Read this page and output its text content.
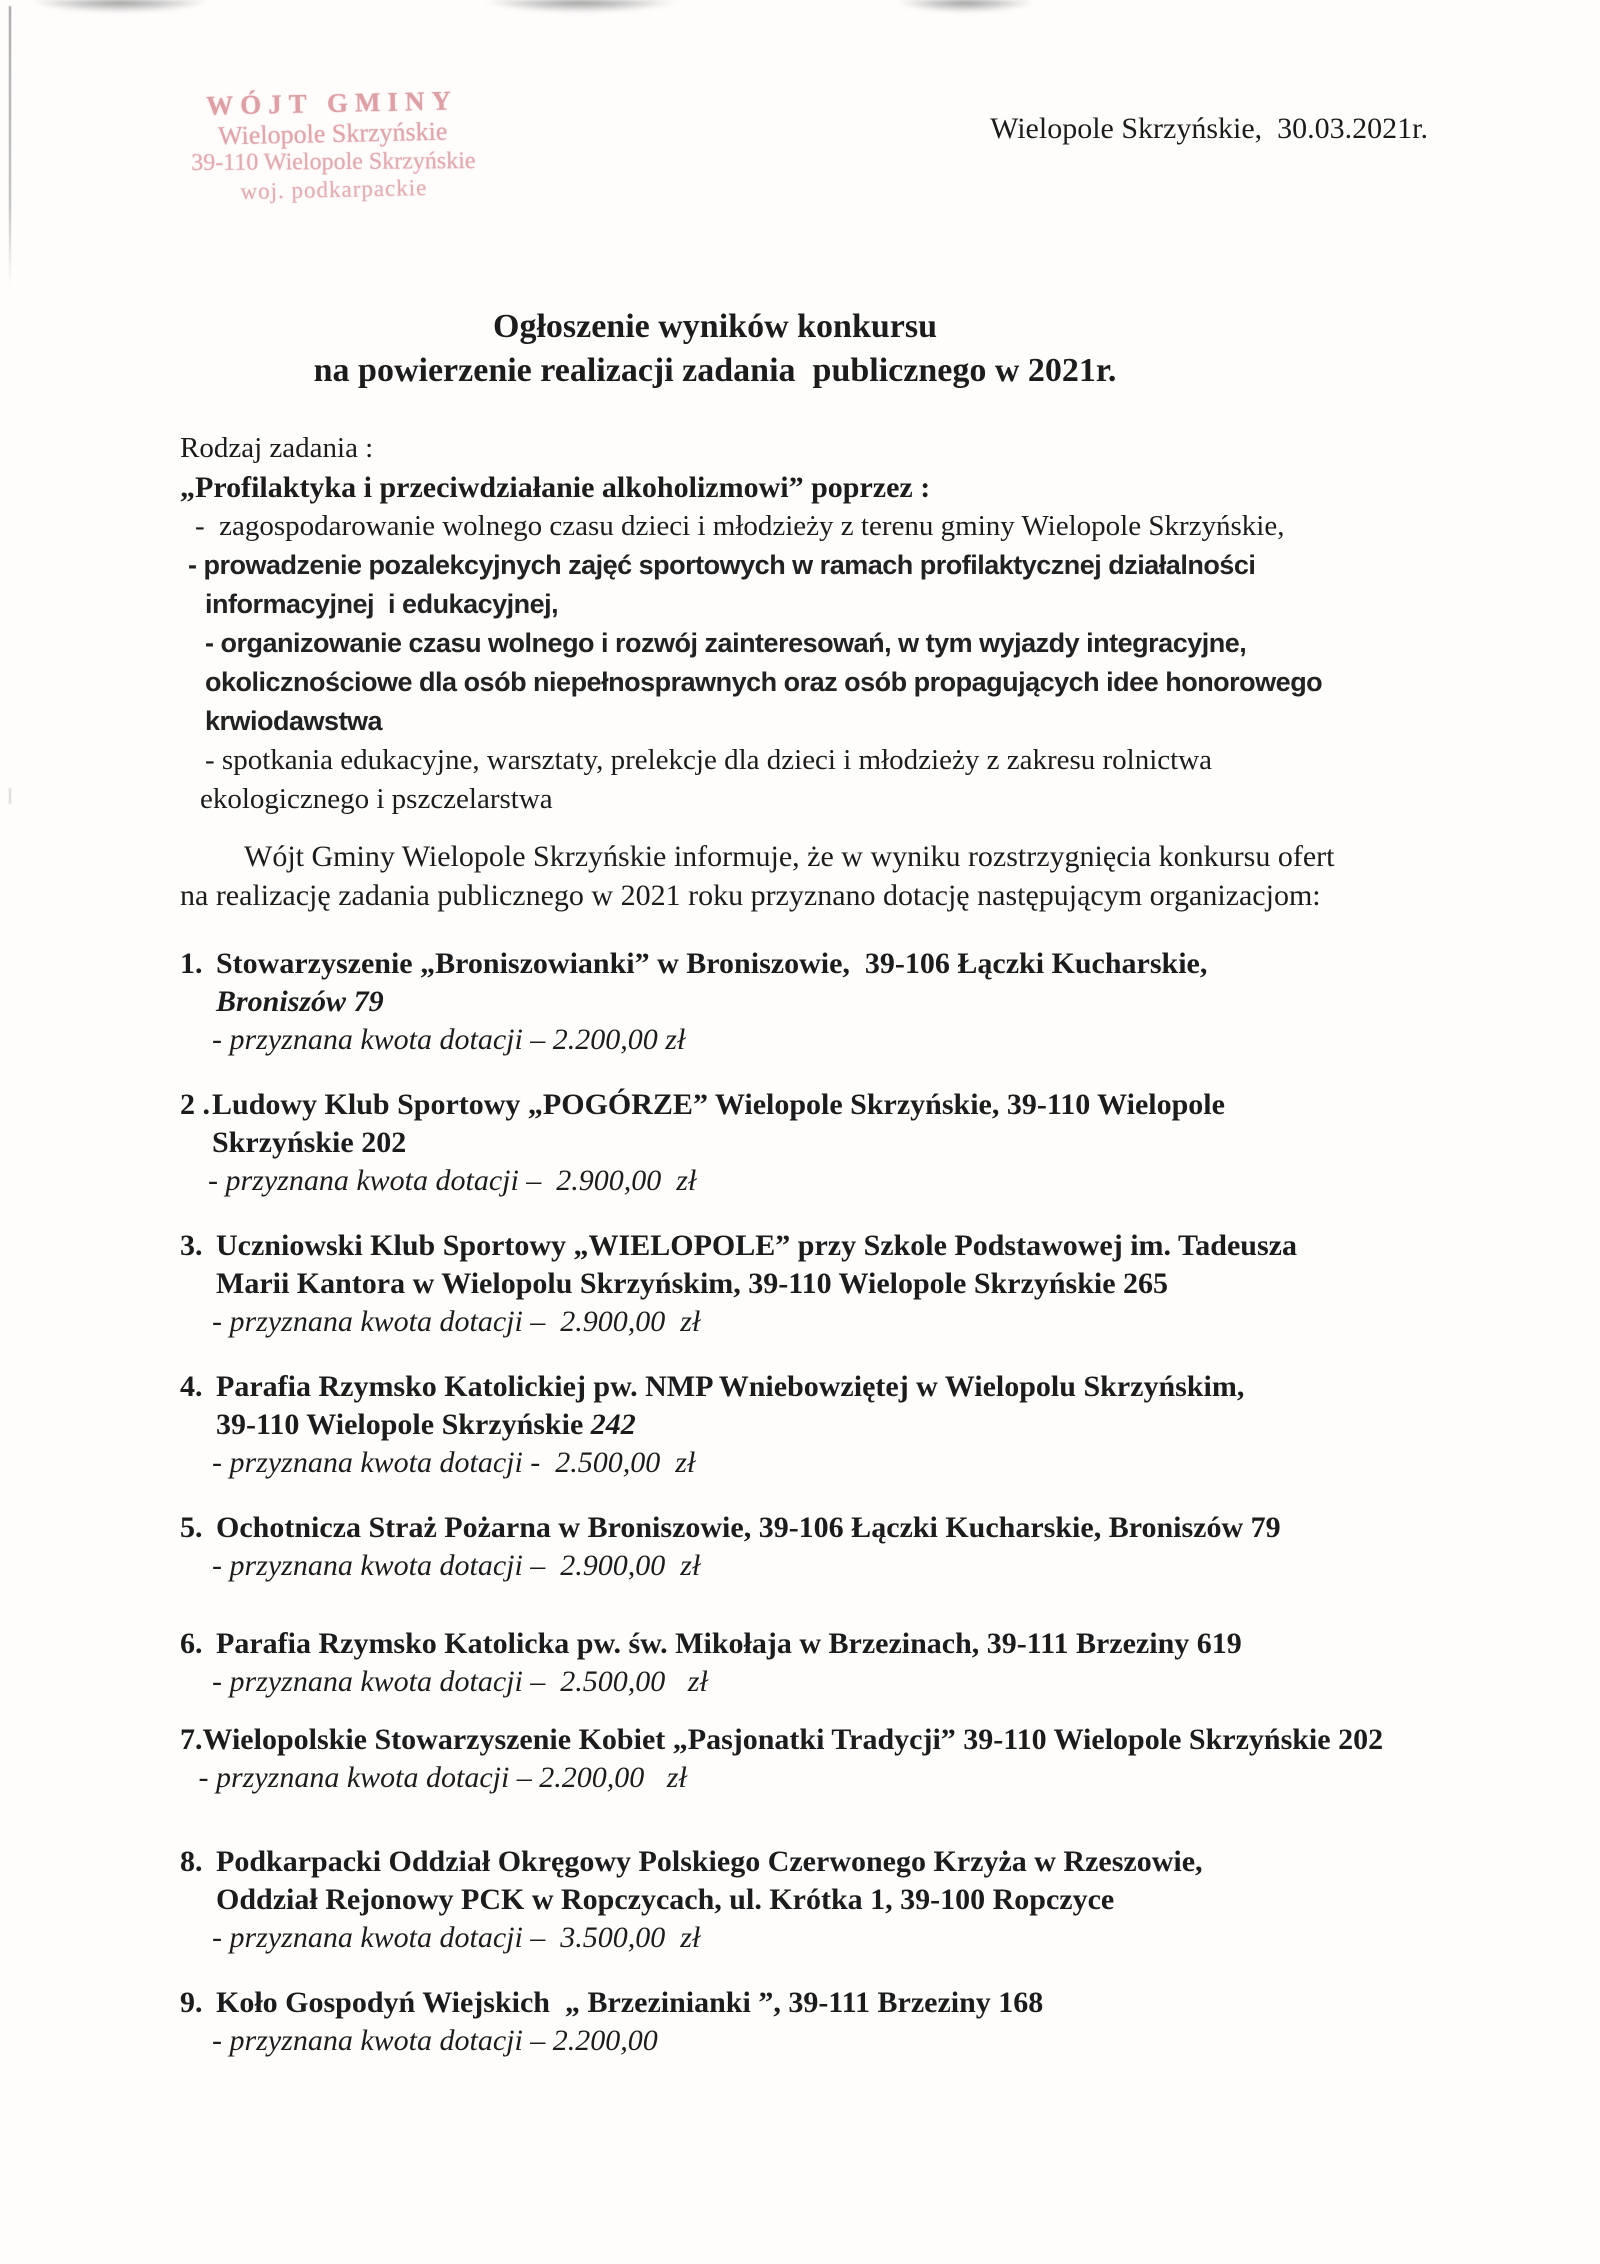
WÓJT GMINY
Wielopole Skrzyńskie
39-110 Wielopole Skrzyńskie
woj. podkarpackie
Wielopole Skrzyńskie,  30.03.2021r.
Ogłoszenie wyników konkursu
na powierzenie realizacji zadania  publicznego w 2021r.
Rodzaj zadania :
„Profilaktyka i przeciwdziałanie alkoholizmowi” poprzez :
-  zagospodarowanie wolnego czasu dzieci i młodzieży z terenu gminy Wielopole Skrzyńskie,
- prowadzenie pozalekcyjnych zajęć sportowych w ramach profilaktycznej działalności
informacyjnej  i edukacyjnej,
- organizowanie czasu wolnego i rozwój zainteresowań, w tym wyjazdy integracyjne,
okolicznościowe dla osób niepełnosprawnych oraz osób propagujących idee honorowego
krwiodawstwa
- spotkania edukacyjne, warsztaty, prelekcje dla dzieci i młodzieży z zakresu rolnictwa
ekologicznego i pszczelarstwa
Wójt Gminy Wielopole Skrzyńskie informuje, że w wyniku rozstrzygnięcia konkursu ofert
na realizację zadania publicznego w 2021 roku przyznano dotację następującym organizacjom:
1. Stowarzyszenie „Broniszowianki” w Broniszowie,  39-106 Łączki Kucharskie,
Broniszów 79
- przyznana kwota dotacji – 2.200,00 zł
2 . Ludowy Klub Sportowy „POGÓRZE” Wielopole Skrzyńskie, 39-110 Wielopole
Skrzyńskie 202
- przyznana kwota dotacji –  2.900,00  zł
3. Uczniowski Klub Sportowy „WIELOPOLE” przy Szkole Podstawowej im. Tadeusza
Marii Kantora w Wielopolu Skrzyńskim, 39-110 Wielopole Skrzyńskie 265
- przyznana kwota dotacji –  2.900,00  zł
4. Parafia Rzymsko Katolickiej pw. NMP Wniebowziętej w Wielopolu Skrzyńskim,
39-110 Wielopole Skrzyńskie 242
- przyznana kwota dotacji -  2.500,00  zł
5. Ochotnicza Straż Pożarna w Broniszowie, 39-106 Łączki Kucharskie, Broniszów 79
- przyznana kwota dotacji –  2.900,00  zł
6. Parafia Rzymsko Katolicka pw. św. Mikołaja w Brzezinach, 39-111 Brzeziny 619
- przyznana kwota dotacji –  2.500,00   zł
7. Wielopolskie Stowarzyszenie Kobiet „Pasjonatki Tradycji” 39-110 Wielopole Skrzyńskie 202
- przyznana kwota dotacji – 2.200,00   zł
8. Podkarpacki Oddział Okręgowy Polskiego Czerwonego Krzyża w Rzeszowie,
Oddział Rejonowy PCK w Ropczycach, ul. Krótka 1, 39-100 Ropczyce
- przyznana kwota dotacji –  3.500,00  zł
9. Koło Gospodyń Wiejskich  „ Brzezinianki ”, 39-111 Brzeziny 168
- przyznana kwota dotacji – 2.200,00
